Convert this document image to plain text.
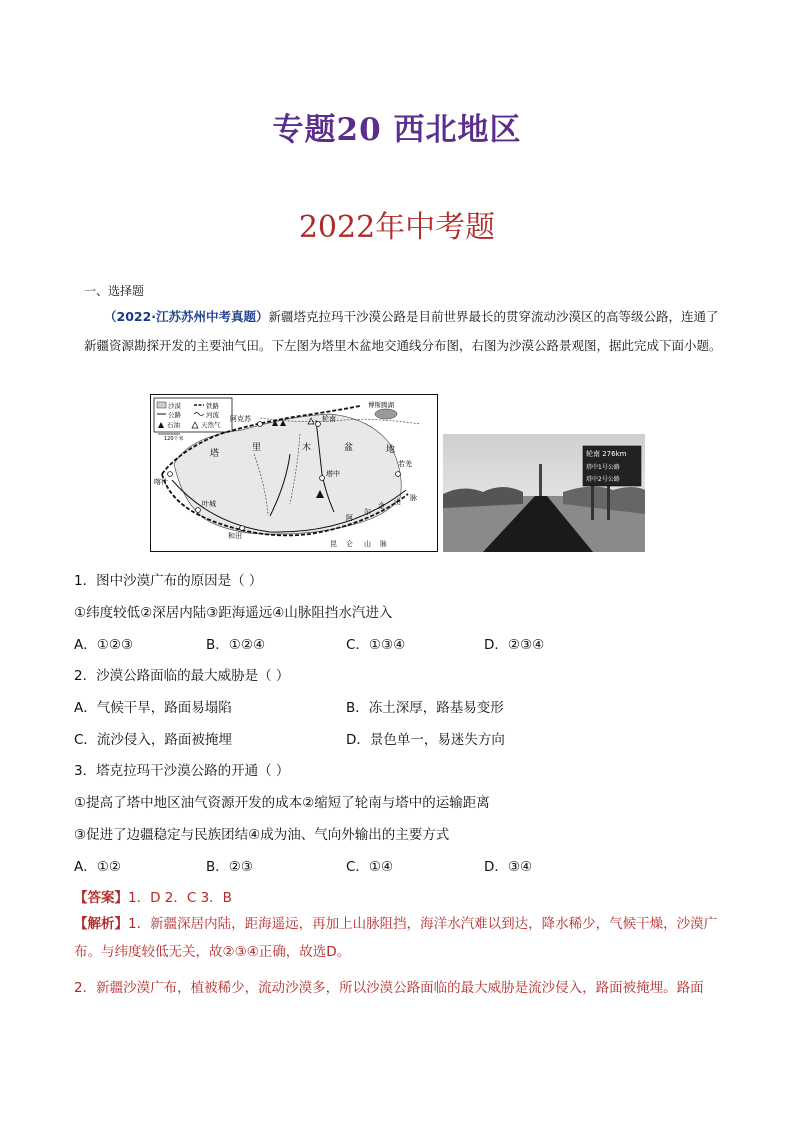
专题20 西北地区
2022年中考题
一、选择题
（2022·江苏苏州中考真题）新疆塔克拉玛干沙漠公路是目前世界最长的贯穿流动沙漠区的高等级公路，连通了新疆资源勘探开发的主要油气田。下左图为塔里木盆地交通线分布图，右图为沙漠公路景观图，据此完成下面小题。
沙漠	铁路
公路	河流
石油	天然气
120千米
阿克苏	轮南
博斯腾湖
喀什
叶城
和田
塔中
若羌
塔
里	木	盆	地
阿
尔
金 山 脉
昆 仑 山 脉
轮南 276km
塔中1号公路
塔中2号公路
1．图中沙漠广布的原因是（ ）
①纬度较低②深居内陆③距海遥远④山脉阻挡水汽进入
A．①②③	B．①②④	C．①③④	D．②③④
2．沙漠公路面临的最大威胁是（ ）
A．气候干旱，路面易塌陷	B．冻土深厚，路基易变形
C．流沙侵入，路面被掩埋	D．景色单一，易迷失方向
3．塔克拉玛干沙漠公路的开通（ ）
①提高了塔中地区油气资源开发的成本②缩短了轮南与塔中的运输距离
③促进了边疆稳定与民族团结④成为油、气向外输出的主要方式
A．①②	B．②③	C．①④	D．③④
【答案】1．D 2．C 3．B
【解析】1．新疆深居内陆，距海遥远，再加上山脉阻挡，海洋水汽难以到达，降水稀少，气候干燥，沙漠广布。与纬度较低无关，故②③④正确，故选D。
2．新疆沙漠广布，植被稀少，流动沙漠多，所以沙漠公路面临的最大威胁是流沙侵入，路面被掩埋。路面
